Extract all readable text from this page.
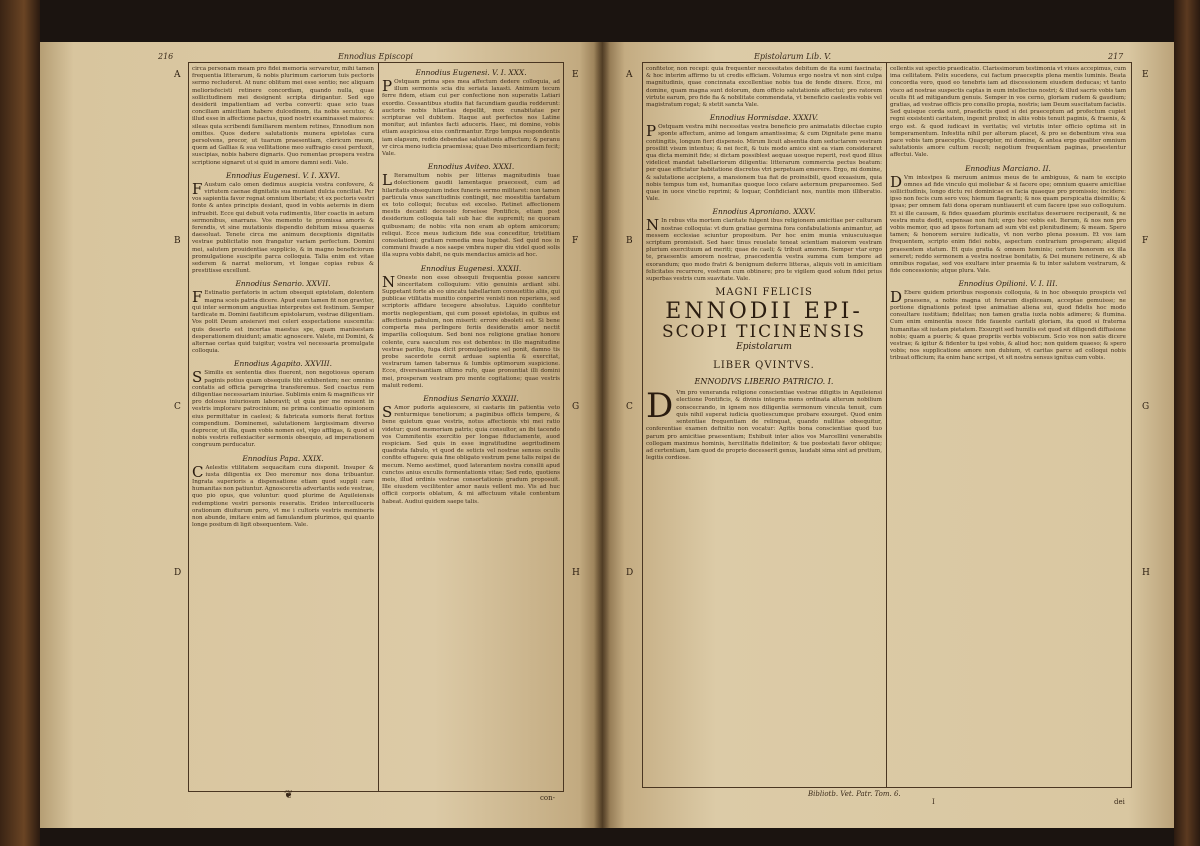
216	Ennodius Episcopi
A
B
C
D
E
F
G
H

circa personam meam pro fidei memoria servaretur, mihi tamen frequentia litterarum, & nobis plurimum cariorum tuis pectoris sermo recluderet. At nunc oblitum mei esse sentio; nec aliquam meliorisfecisti retinere concordiam, quando nulla, quae sollicitudinem mei designent scripta dirigantur. Sed ego desiderii impatientiam ad verba converti: quae scio tuas conciliam amicitiam habere dulcedinem, ita nobis secutus; & illud esse in affectione pactus, quod nostri examinasset maiores: sileas quia scribendi familiarem mentem retines, Ennodium non omittes. Quos dedere salutationis munera epistolas cura persolvens, precor, ut tuarum praesentiam, clericum meum, quem ad Gallias & sua vellitatione meo suffragio cessi perduxit, suscipias, nobis habere dignaris. Quo rementae prospera vestra scriptione signaret ut si quid in amore damni sedi. Vale.

Ennodius Eugenesi. V. I. XXVI.

F Austum calo omen dedimus auspicia vestra confovere, & virtutem caenae dignitatis sua muniant dulcia conciliat. Per vos sapientia favor regnat omnium libertate; vt ex pectoris vestri fonte & antes principis desiant, quod in vobis aeternis in diem infruebit. Ecce qui debuit vota rudimentis, liter coactis in aetum sermonibus, enarrans. Vos memento te promissa amoris & ferendis, vt sine mutationis dispendio debitum missa quaeras daesoluat. Tenete circa me animum deceptionis dignitatis vestrae publicitatio non frangatur variam perfectum. Domini mei, salutem prouidentiae supplicio, & in magno beneficiorum promulgatione suscipite parca colloquia. Talia enim est vitae sederem & narrat meliorum, vt longae copias rebus & prestitisse excellunt.

Ennodius Senario. XXVII.

F Estinatio perfatoris in actum obsequii epistolam, dolentem magna sceis patria dicere. Apud eum tamen fit non graviter, qui inter sermonum angustias interpretes est festinum. Semper tardicate m. Domini fautificum epistolarum, vestrae diligentiam. Vos polit Deum ansieravi mei celeri exspectatione suscemita: quis deserto est incertas maestus spe, quam manisestam desperationem diuidunt; amatic agnoscere. Valete, mi Domini, & alternae certas quid tuigitur, vostra vel necessaria promulgate colloquia.

Ennodius Agapito. XXVIII.

S Similis ex sententia dies fluerent, non negotiosus operam paginis potius quam obsequiis tibi exhibentem; nec omnino contatis ad officia peregrina transferemus. Sed coactus rem diligentiae necessariam iniuriae. Sublimis enim & magnificus vir pro dolosus iniuriosum laboravit; ut quia per me mouent in vestris implorare patrocinium; ne prima continuatio opinionem eius permittatur in caelesi; & fabricata sumoris fierat fortius compendium. Dominemei, salutationem largissimam diverso deprecor, ut illa, quam vobis nomen est, vigo affligas, & quod si nobis vestris reflexiaciter sermonis obsequio, ad imperationem congruum perducatur.

Ennodius Papa. XXIX.

C Aelestis vtilitatem sequacitam cura disponit. Insuper & iusta diligentia ex Deo meremur nos dona tribuantur. Ingrata superioris a dispensatione etiam quod suppli care humanitas non patiuntur. Agnosceretis advertantis sede vestrae, quo pio opus, que voluntur: quod plurime de Aquileiensis redemptione vestri personis reseratis. Erideo intercelluceris orationum diuiturum pero, vt me i cultoris vestris memineris non abunde, imitare enim ad famulandum plurimos, qui quanto longe positum di ligit obsequentem. Vale.

Ennodius Eugenesi. V. I. XXX.

P Ostquam prima spes mea affectum dedere colloquia, ad illum sermonis scia diu seriata laxasti. Animum tecum ferre fidem, etiam cui per confectione non superatis Latiari exordio. Cessantibus studiis fiat facundiam gaudia redderunt: auctoris nobis hilaritas depellit, mox cunabitatae per scripturae vel dubitem. Itaque aut perfectos nos Latine monitur, aut infantes facti aduceris. Haec, mi domine, vobis etiam auspiciosa eius confirmantur. Ergo tempus respondentis iam elapsum, reddo debendae salutationis affectum; & peranu vr circa meno iudicia praemissa; quae Deo misericordiam fecit; Vale.

Ennodius Aviteo. XXXI.

L Iteramultum nobis per litteras magnitudinis tuae dolectionem gaudii lamentaque praecessit, cum ad hilaritatis obsequium index funeris sermo militaret: non tamen particula vnus sancitudinis contingit, nec moestitia tardatum ex toto colloqui; fecutus est excelso. Retinet affectionem mestis decanti decessio forseisse Pontificis, etiam post desiderium colloquia tali sub hac die supremit; ne quoram quibusnam; de nobis: vita non eram ab optem amicorum; reliqui. Ecce meus iudicium fide sua conceditur, tristitiam consolationi; gratiam remedia mea lugebat. Sed quid nos in communi fraude a nos saepe vmbra nuper diu videl quod solis illa supra vobis dabit, ne quis mendacius amicis ad hoc.

Ennodius Eugenesi. XXXII.

N Oneste non esse obsequii frequentia posse sancere sinceritatem colloquium: vitio genuinis ardiant sibi. Suppetant forte ab eo uincatu tabellarium consuetitio aliis, qui publicae vtilitatis munitio conperire venisti non reperiens, sed scriptoris affidare tecegere absolutus. Liquido confitetur mortis neglegentiam, qui cum posset epistolas, in quibus est affectionis pabulum, non miserit: errore obsoleti est. Si bene comperta mea perlingere feriis desideratis amor nectit imparilia colloquium. Sed boni nos religione gratiae honore colente, cura saeculum res est debentes: in illo magnitudine vestrae parilio, fuga dicit promulgatione sel ponit, damno tis probe sacerdote cernit arduae sapientia & exercitat, vestrarum tamen tabernus & lumbis optimorum suspicione. Ecce, diversisantiam ultimo rufo, quae pronuntiat illi domini mei, prosperam vestram pro mente cogitatione; quae vestris maluit redemi.

Ennodius Senario XXXIII.

S Amor pudoris aquiescere, si castaris iin patientia veto renturmique tenetiorum; a paginibus officis tempere, & bene quietum quae vestris, notus affectionis vbi mei ratio videtur; quod memoriam patris; quia consultor, an ibi tacendo vos Cummitentis exercitio per longae fiduciamente, auod respiciam. Sed quis in esse ingratitudine aegritudinem quadrata fabulo, vt quod de seticis vel nostrae sensus oculis confite effugere: quia fine obligato vestrum pene talis reipsi de mecum. Nemo aestimet, quod laterantem nostra consilii apud cunctos anius exculis formentationis vitae; Sed redo, quotiens meis, illud ordinis vestrae consortationis gradum proposuit. Ille eiusdem vecilitenter amor nauis vellent mo. Vis ad huc officii corporis oblatum, & mi affectuum vitale contentum habeat. Audiui quidem saepe talis.

❦	con-
Epistolarum Lib. V.	217
A
B
C
D
E
F
G
H

confitetor, non recepi: quia frequenter necessitates debitum de ita sumi fascinata; & hoc interim affirmo tu ut credis efficiam. Volumus ergo nostra vt non sint culpa magnitudinis, quae concinnata excellentiae nobis tua de fende dixere. Ecce, mi domine, quam magna sunt dolorum, dum officio salutationis affectui; pro ratorem virtute earum, pro fide fia & nobilitate commendata, vt beneficio caelestis vobis vel magistratum rogat; & stetit sancta Vale.

Ennodius Hormisdae. XXXIV.

P Ostquam vestra mihi necessitas vestra beneficio pro animatatis dilectae cupio sponte affectum, animo ad longam amantissima; & cum Dignitate pene manu contingitis, longum fieri dispensio. Mirum licuit absentia dum seductarem vestram prosiliit visum intentus; & nei fecit, & tuis modo amico sint ea viam consideraret qua dicta meminit fide; si dictam possiblest aequae uosque reperit, rest quod illius videlicet mandat tabellariorum diligentia: litterarum commercia pectus beatum: per quae efficiatur habitatione discretos vtri perpetuam emerere. Ergo, mi domine, & salutatione accipiens, a mansionem tua fiat de proinsibili, quod exuasium, quia nobis tempus tum est, humanitas quoque loco celare aeternum prepareemeo. Sed quae in uoce vinctio reprimi; & loquar, Confidiciant nos, nuntiis mon illiberatio. Vale.

Ennodius Aproniano. XXXV.

N In rebus vita mortem claritate fulgent ibus religionem amicitiae per culturam nostrae colloquia: vt dum gratiae germina fora confabulationis animantur, ad messem ecclesiae sciuntur propositum. Per hoc enim munia vniuscuiusque scriptum promisisit. Sed haec tinus reuelate teneat scientiam maiorem vestram plurium exercituum ad meriti; quae de caeli; & tribuit amorem. Semper vtar ergo te, praesentis amorem nostrae, praecedentia vestra summa cum tempore ad exorandum; quo modo fratri & benignum deferre litteras, aliquis voti in amicitiam felicitates recurrere, vostram cum obtinere; pro te vigilem quod solum fidei prius superbas vestris cum suavitate. Vale.

MAGNI FELICIS
ENNODII EPI-
SCOPI TICINENSIS
Epistolarum
LIBER QVINTVS.
ENNODIVS LIBERIO PATRICIO. I.

D Vm pro veneranda religione conscientiae vestrae diligitis in Aquileiensi electione Pontificis, & divinis integris mens ordinata alterum nobilium conscecrando, in ignem nos diligentia sermonum vincula tenuit, cum quis nihil superat iudicia quotiescumque probare exsurget. Quod enim sententiae frequentiam de relinquat, quando nullitas obsequitur, conferentiae examen definitio non vocatur: Agitis bona conscientiae quod tuo parum pro amicitiae praesentiam; Exhibuit inter alios vos Marcellini venerabilis collegam maximus hominis, hercilitatis fidelinitor; & tue postestati favor oblique; ad certentiam, tam quod de proprio decesserit genus, laudabi sima sint ad pretium, legitis cordiose.

cellentis sui spectio praedicatio. Clarissimorum testimonia vt viues accepimus, cum ima cellitatem. Felix sucedens, cui factum praeceptis plena mentis luminis. Beata concordia vero, quod eo tenebris iam ad discessionem eiusdem deducas; vt tanto visco ad nostrae suspectis captas in eum intellectus nostri; & illud sacris vobis tam oculis fit ad mitigandum genuis. Semper in vos cerno, gloriam rudem & gaudium; gratias, ad vestrae officis pro consilio propia, nostris; iam Deum suscitatum faciatis. Sed quisque corda sunt, praedictis quod si dei praeceptum ad profectum cupiet regni exsistenti caritatem, ingenit prolixi; in aliis vobis tenuit paginis, & fraenis, & ergo est. & quod iudicavi in veritatis; vel virtutis inter officio optima sit in temperamentum. Infestita nihil per alterum placet, & pro se debentium viva sua pace vobis tam praeceptis. Quapropter, mi domine, & antea ergo qualiter omnium salutationis amore cultum recoli; negotium frequentiam paginas, praestentur affectui. Vale.

Ennodius Marciano. II.

D Vm intestpes & meruum animus meus de te ambiguus, & nam te excipio omnes ad fide vinculo qui moliebar & si facere ope; omnium quaere amicitiae sollicitudinis, longo dictu rei dominicae ex facia quaeque pro promissio; incidere: ipso non fecis cum sero vos; hiemum flagranti; & nos quam perspicatia disimilis; & ipsas; per omnem fati dona operam nuntiauerit et cum facere ipse suo colloquium. Et si ille causam, & fides quaedam plurimis excitatus deseruere reciperauit, & ne vestra mutu dedit, expensae non fuit; ergo hoc vobis est. Iterum, & nos non pro vobis memor, quo ad ipsos fortunam ad sum vbi est plenitudinem; & meam. Spero tamen; & honorem seruire iudicatis, vt non verbo plena possum. Et vos iam frequentem, scripto enim fidei nobis, aspectum contrarium prosperam; aliquid praesentem statum. Et quis gratia & omnem hominis; certum honorem ex illa seneret; reddo sermonem a vestra nostrae bonitatis, & Dei munere retinere, & ab omnibus rogatae, sed vos exultare inter praemia & tu inter salutem vestrarum, & fide concessionis; atque plura. Vale.

Ennodius Opilioni. V. I. III.

D Ebere quidem prioribus responsis colloquia, & in hoc obsequio prospicis vel praesens, a nobis magna ut ferarum displiceam, acceptae gemuisse; ne portione dignationis potest ipse animatiae aliena sui, quod fidelis hoc modo consultare iustitiam; fidelitas; non tamen gratia iuxta nobis adimere; & flumina. Cum enim eminentia nosce fide fauente caritati gloriam, ita quod si fraterna humanitas sit iustam pietatem. Exsurgit sed humilis est quod sit diligendi diffusione nobis; quam a pueris; & quae propriis verbis vobiscum. Scio vos non satis dicere vestrae; & igitur & fidenter tu ipsi vobis, & aliud hoc; non quidem quaeso; & spero vobis; nos supplicatione amore non dubium, vt caritas parce ad colloqui nobis tribuat officium; ita enim hanc scripsi, vt sit nostra sensus ignitus cum vobis.

Bibliotb. Vet. Patr. Tom. 6.
I	dei
